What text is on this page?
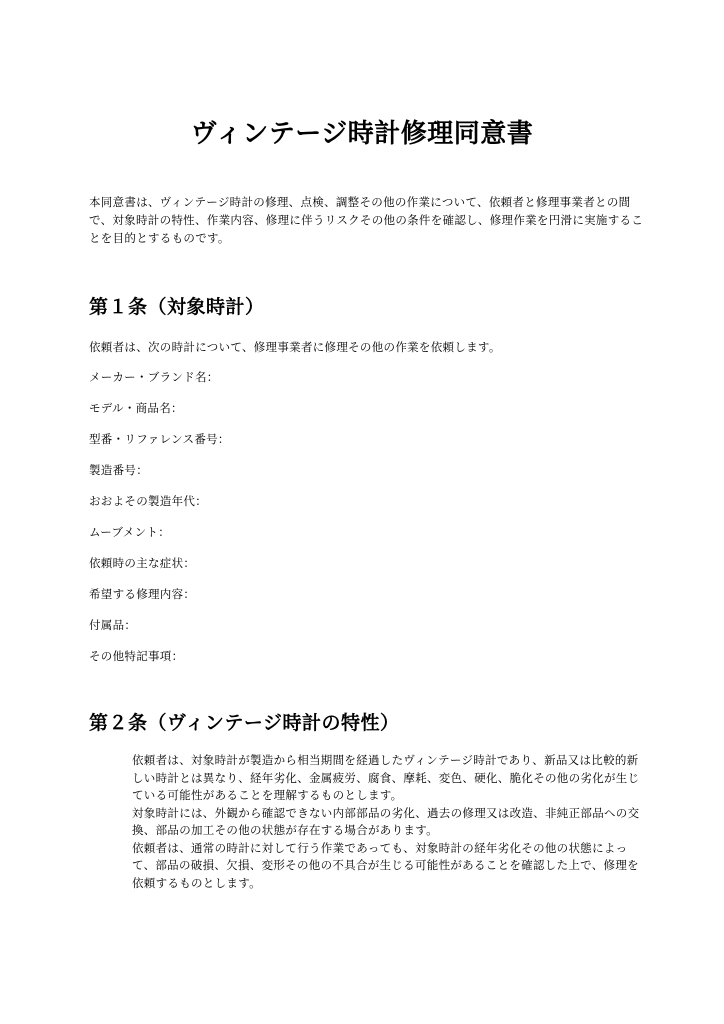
ヴィンテージ時計修理同意書

本同意書は、ヴィンテージ時計の修理、点検、調整その他の作業について、依頼者と修理事業者との間で、対象時計の特性、作業内容、修理に伴うリスクその他の条件を確認し、修理作業を円滑に実施することを目的とするものです。

第１条（対象時計）
依頼者は、次の時計について、修理事業者に修理その他の作業を依頼します。
メーカー・ブランド名：
モデル・商品名：
型番・リファレンス番号：
製造番号：
おおよその製造年代：
ムーブメント：
依頼時の主な症状：
希望する修理内容：
付属品：
その他特記事項：
第２条（ヴィンテージ時計の特性）

依頼者は、対象時計が製造から相当期間を経過したヴィンテージ時計であり、新品又は比較的新しい時計とは異なり、経年劣化、金属疲労、腐食、摩耗、変色、硬化、脆化その他の劣化が生じている可能性があることを理解するものとします。

対象時計には、外観から確認できない内部部品の劣化、過去の修理又は改造、非純正部品への交換、部品の加工その他の状態が存在する場合があります。

依頼者は、通常の時計に対して行う作業であっても、対象時計の経年劣化その他の状態によって、部品の破損、欠損、変形その他の不具合が生じる可能性があることを確認した上で、修理を依頼するものとします。
